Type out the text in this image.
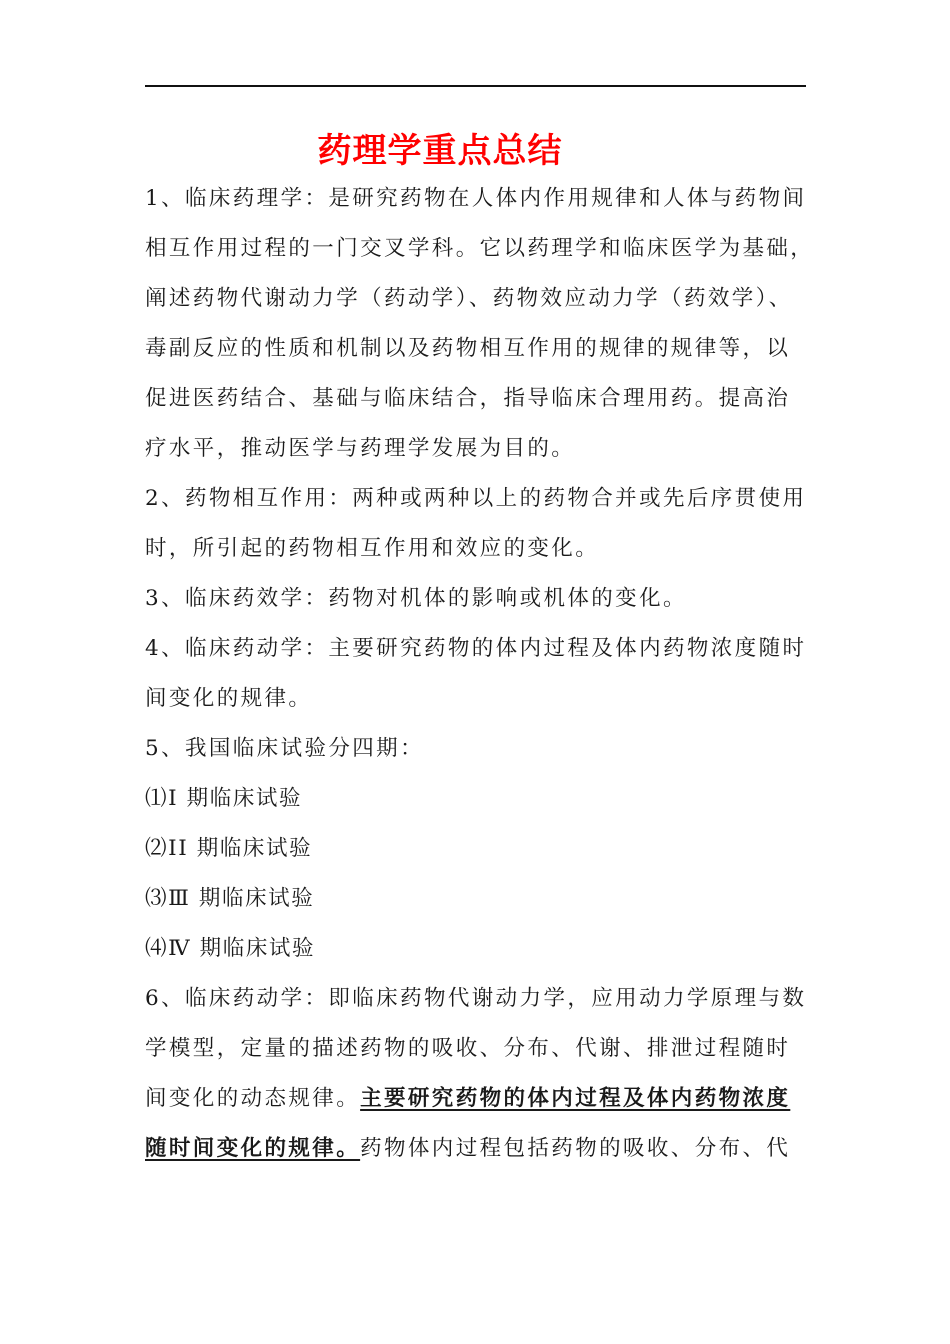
药理学重点总结
1、临床药理学：是研究药物在人体内作用规律和人体与药物间
相互作用过程的一门交叉学科。它以药理学和临床医学为基础，
阐述药物代谢动力学（药动学）、药物效应动力学（药效学）、
毒副反应的性质和机制以及药物相互作用的规律的规律等，以
促进医药结合、基础与临床结合，指导临床合理用药。提高治
疗水平，推动医学与药理学发展为目的。
2、药物相互作用：两种或两种以上的药物合并或先后序贯使用
时，所引起的药物相互作用和效应的变化。
3、临床药效学：药物对机体的影响或机体的变化。
4、临床药动学：主要研究药物的体内过程及体内药物浓度随时
间变化的规律。
5、我国临床试验分四期：
⑴Ⅰ 期临床试验
⑵ⅠI 期临床试验
⑶Ⅲ 期临床试验
⑷Ⅳ 期临床试验
6、临床药动学：即临床药物代谢动力学，应用动力学原理与数
学模型，定量的描述药物的吸收、分布、代谢、排泄过程随时
间变化的动态规律。主要研究药物的体内过程及体内药物浓度
随时间变化的规律。药物体内过程包括药物的吸收、分布、代
